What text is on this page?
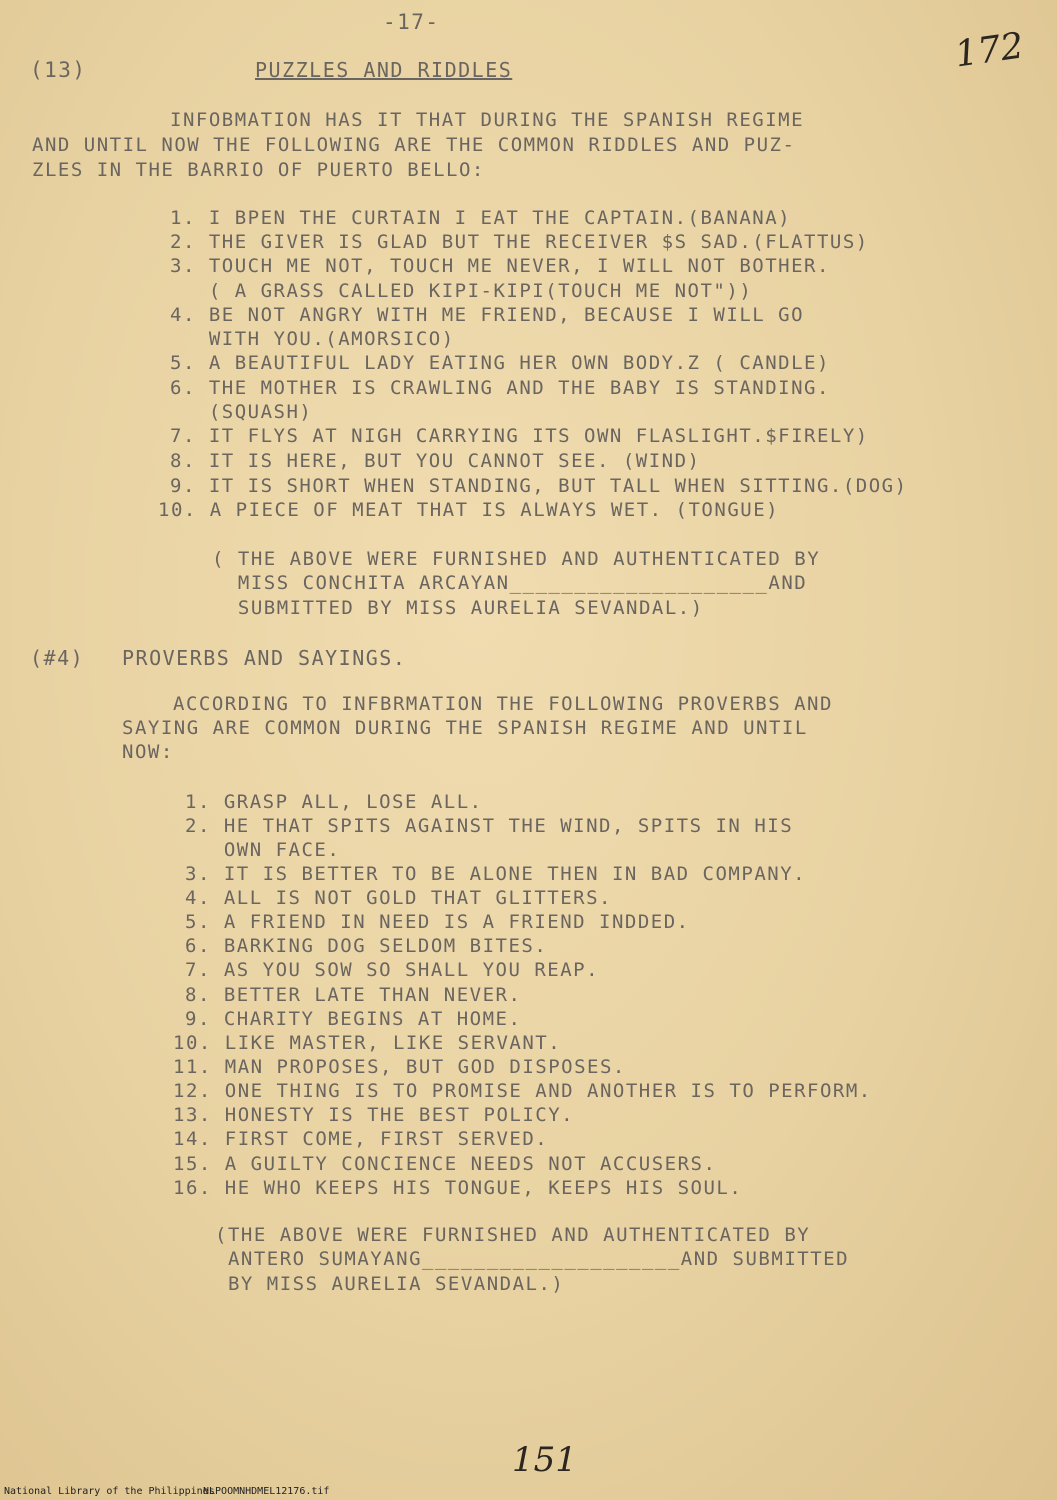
-17-
172
(13)	PUZZLES AND RIDDLES
INFOBMATION HAS IT THAT DURING THE SPANISH REGIME
AND UNTIL NOW THE FOLLOWING ARE THE COMMON RIDDLES AND PUZ-
ZLES IN THE BARRIO OF PUERTO BELLO:
1. I BPEN THE CURTAIN I EAT THE CAPTAIN.(BANANA)
2. THE GIVER IS GLAD BUT THE RECEIVER $S SAD.(FLATTUS)
3. TOUCH ME NOT, TOUCH ME NEVER, I WILL NOT BOTHER.
( A GRASS CALLED KIPI-KIPI(TOUCH ME NOT"))
4. BE NOT ANGRY WITH ME FRIEND, BECAUSE I WILL GO
WITH YOU.(AMORSICO)
5. A BEAUTIFUL LADY EATING HER OWN BODY.Z ( CANDLE)
6. THE MOTHER IS CRAWLING AND THE BABY IS STANDING.
(SQUASH)
7. IT FLYS AT NIGH CARRYING ITS OWN FLASLIGHT.$FIRELY)
8. IT IS HERE, BUT YOU CANNOT SEE. (WIND)
9. IT IS SHORT WHEN STANDING, BUT TALL WHEN SITTING.(DOG)
10. A PIECE OF MEAT THAT IS ALWAYS WET. (TONGUE)
( THE ABOVE WERE FURNISHED AND AUTHENTICATED BY
MISS CONCHITA ARCAYAN____________________AND
SUBMITTED BY MISS AURELIA SEVANDAL.)
(#4) PROVERBS AND SAYINGS.
ACCORDING TO INFBRMATION THE FOLLOWING PROVERBS AND
SAYING ARE COMMON DURING THE SPANISH REGIME AND UNTIL
NOW:
1. GRASP ALL, LOSE ALL.
2. HE THAT SPITS AGAINST THE WIND, SPITS IN HIS
OWN FACE.
3. IT IS BETTER TO BE ALONE THEN IN BAD COMPANY.
4. ALL IS NOT GOLD THAT GLITTERS.
5. A FRIEND IN NEED IS A FRIEND INDDED.
6. BARKING DOG SELDOM BITES.
7. AS YOU SOW SO SHALL YOU REAP.
8. BETTER LATE THAN NEVER.
9. CHARITY BEGINS AT HOME.
10. LIKE MASTER, LIKE SERVANT.
11. MAN PROPOSES, BUT GOD DISPOSES.
12. ONE THING IS TO PROMISE AND ANOTHER IS TO PERFORM.
13. HONESTY IS THE BEST POLICY.
14. FIRST COME, FIRST SERVED.
15. A GUILTY CONCIENCE NEEDS NOT ACCUSERS.
16. HE WHO KEEPS HIS TONGUE, KEEPS HIS SOUL.
(THE ABOVE WERE FURNISHED AND AUTHENTICATED BY
ANTERO SUMAYANG____________________AND SUBMITTED
BY MISS AURELIA SEVANDAL.)
151
National Library of the Philippines
NLPOOMNHDMEL12176.tif
